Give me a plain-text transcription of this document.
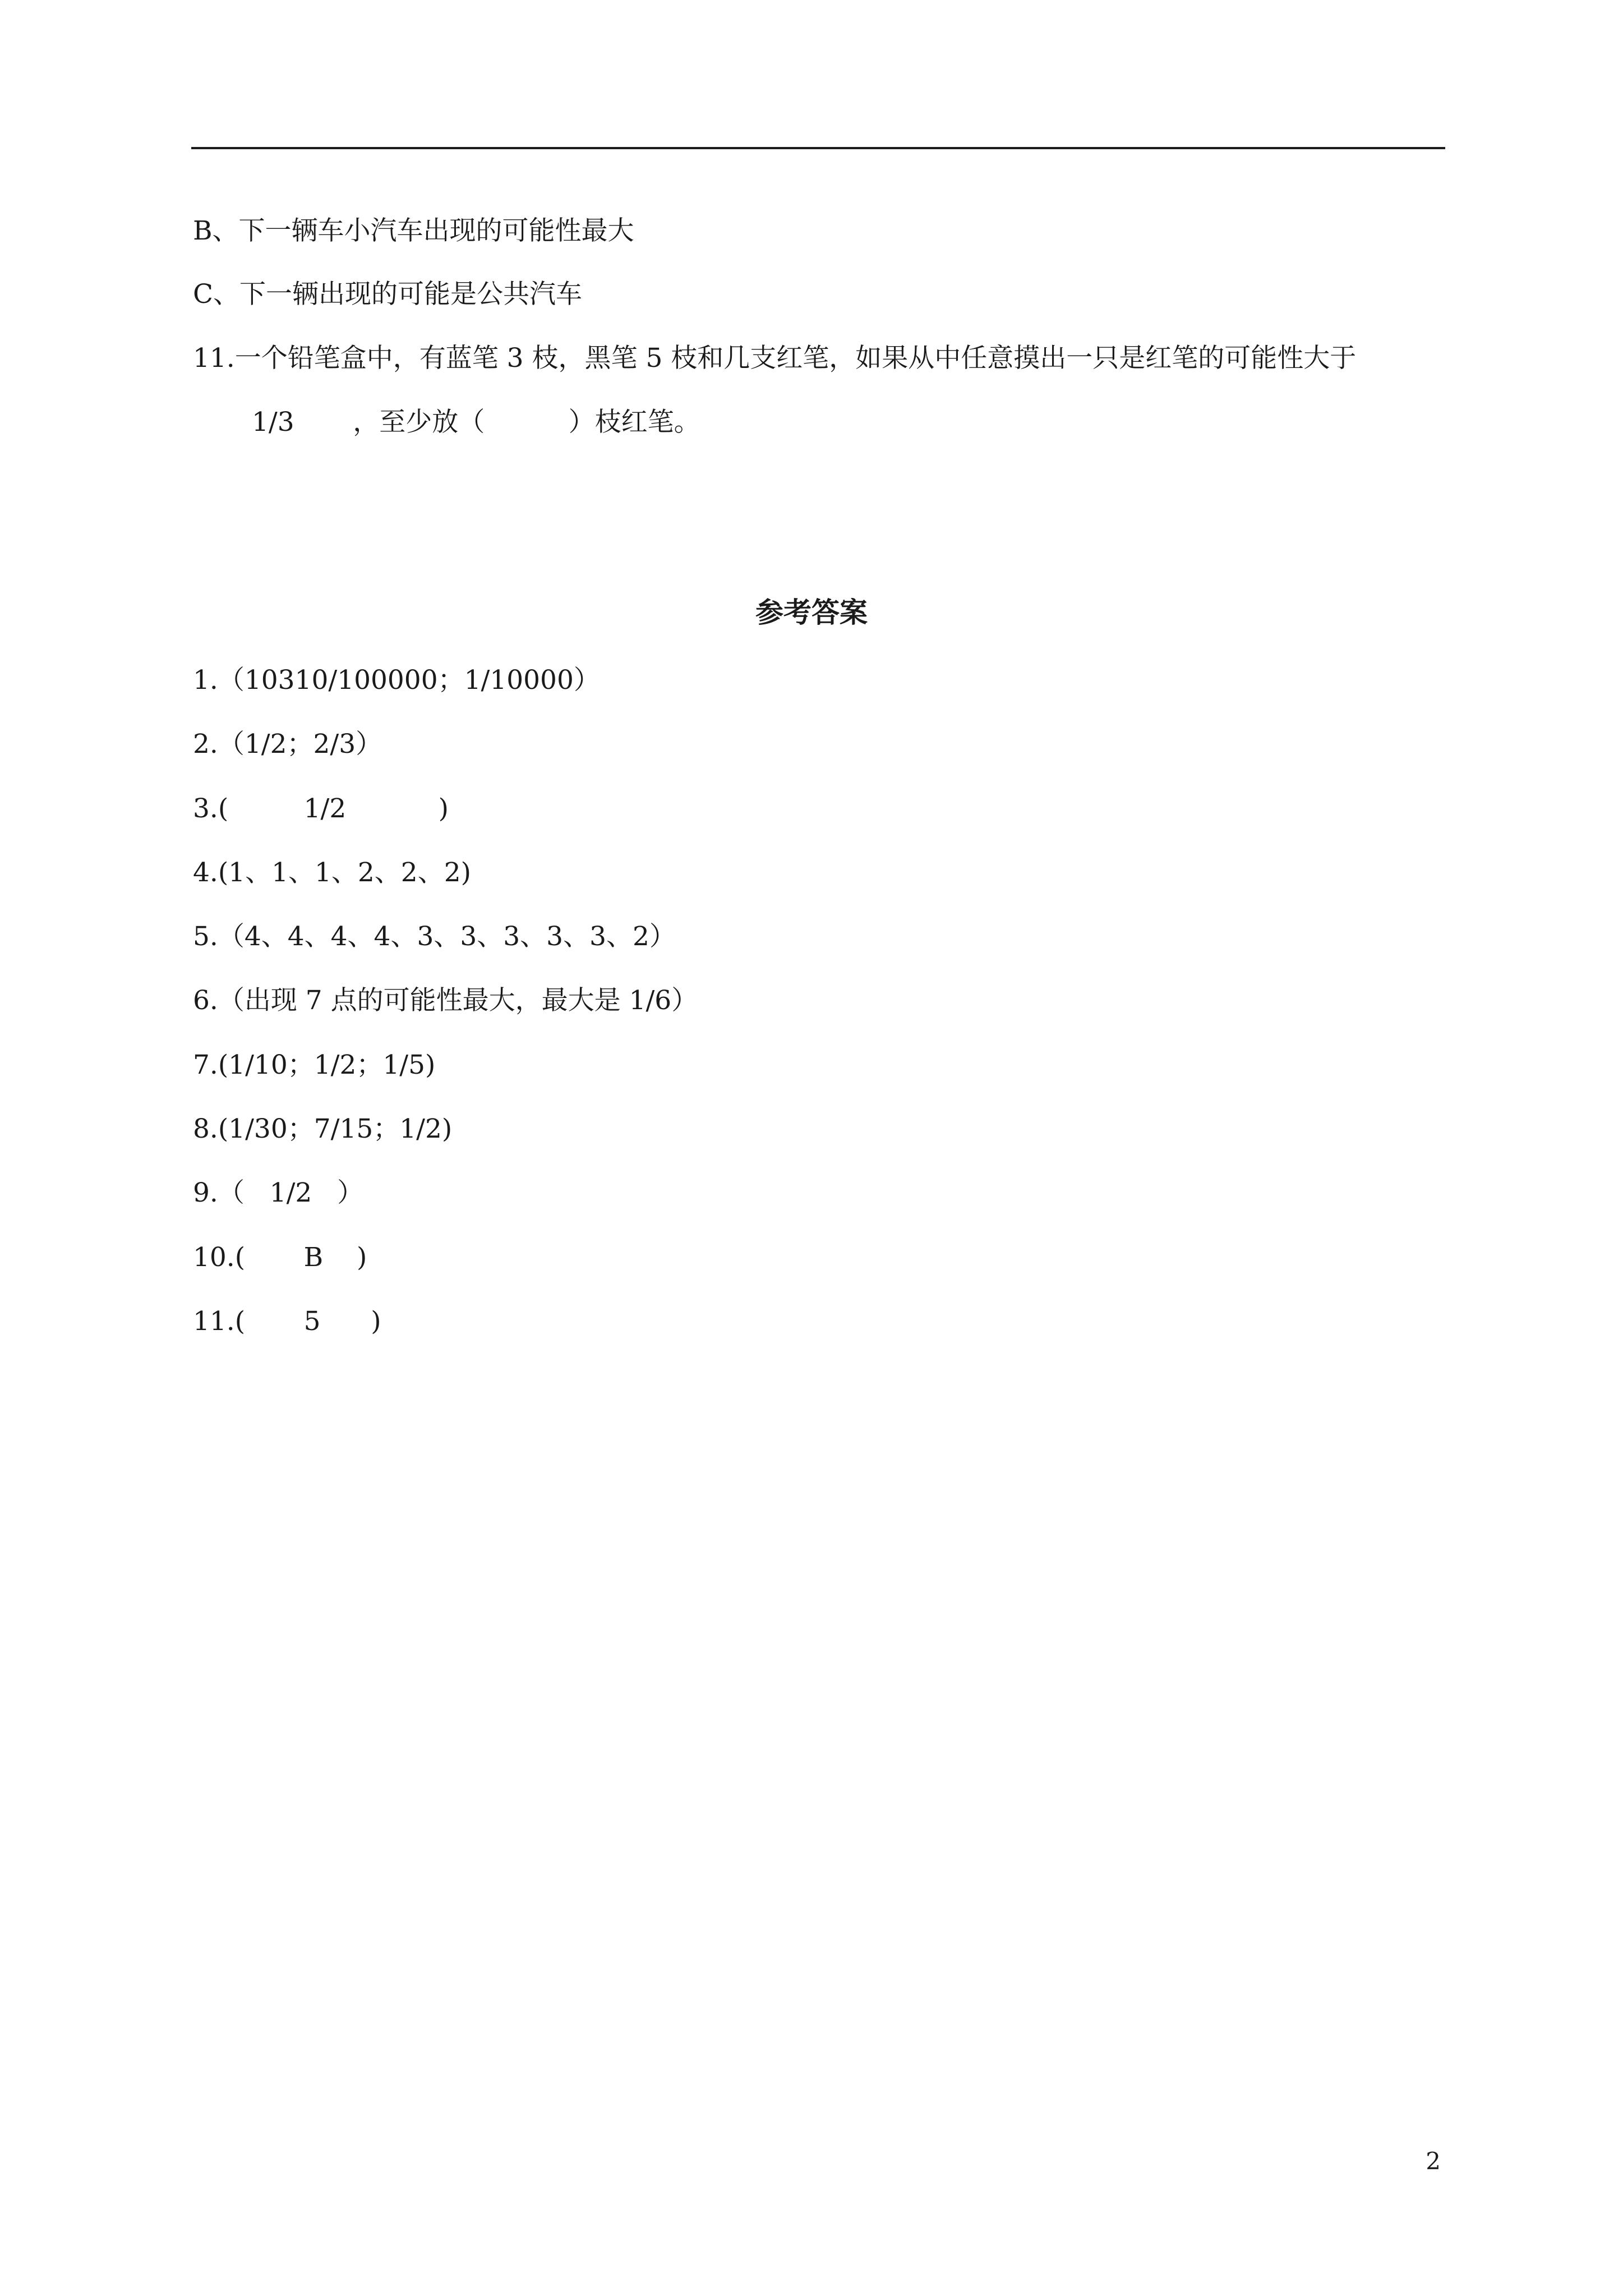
B、下一辆车小汽车出现的可能性最大
C、下一辆出现的可能是公共汽车
11.一个铅笔盒中，有蓝笔 3 枝，黑笔 5 枝和几支红笔，如果从中任意摸出一只是红笔的可能性大于
1/3       ，至少放（          ）枝红笔。
参考答案
1.（10310/100000；1/10000）
2.（1/2；2/3）
3.(         1/2           )
4.(1、1、1、2、2、2)
5.（4、4、4、4、3、3、3、3、3、2）
6.（出现 7 点的可能性最大，最大是 1/6）
7.(1/10；1/2；1/5)
8.(1/30；7/15；1/2)
9.（   1/2   ）
10.(       B    )
11.(       5      )
2
